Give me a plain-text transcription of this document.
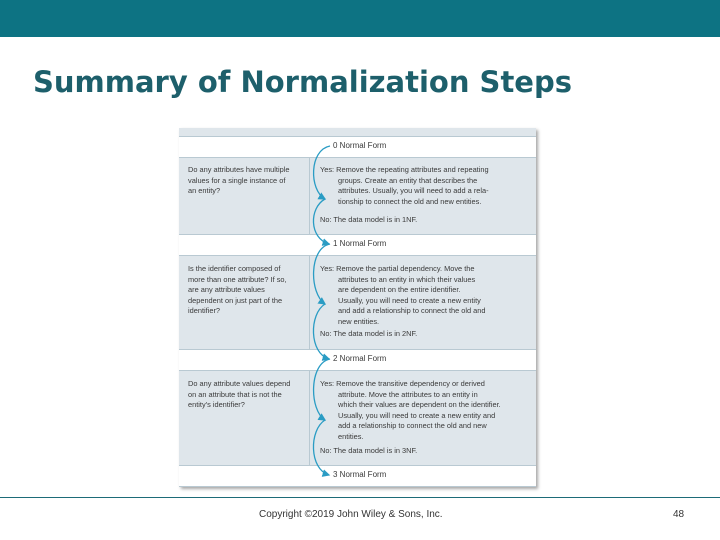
Summary of Normalization Steps
0 Normal Form
1 Normal Form
2 Normal Form
3 Normal Form
Do any attributes have multiple
values for a single instance of
an entity?
Yes: Remove the repeating attributes and repeating
groups. Create an entity that describes the
attributes. Usually, you will need to add a rela-
tionship to connect the old and new entities.
No: The data model is in 1NF.
Is the identifier composed of
more than one attribute? If so,
are any attribute values
dependent on just part of the
identifier?
Yes: Remove the partial dependency. Move the
attributes to an entity in which their values
are dependent on the entire identifier.
Usually, you will need to create a new entity
and add a relationship to connect the old and
new entities.
No: The data model is in 2NF.
Do any attribute values depend
on an attribute that is not the
entity's identifier?
Yes: Remove the transitive dependency or derived
attribute. Move the attributes to an entity in
which their values are dependent on the identifier.
Usually, you will need to create a new entity and
add a relationship to connect the old and new
entities.
No: The data model is in 3NF.
Copyright ©2019 John Wiley & Sons, Inc.	48
